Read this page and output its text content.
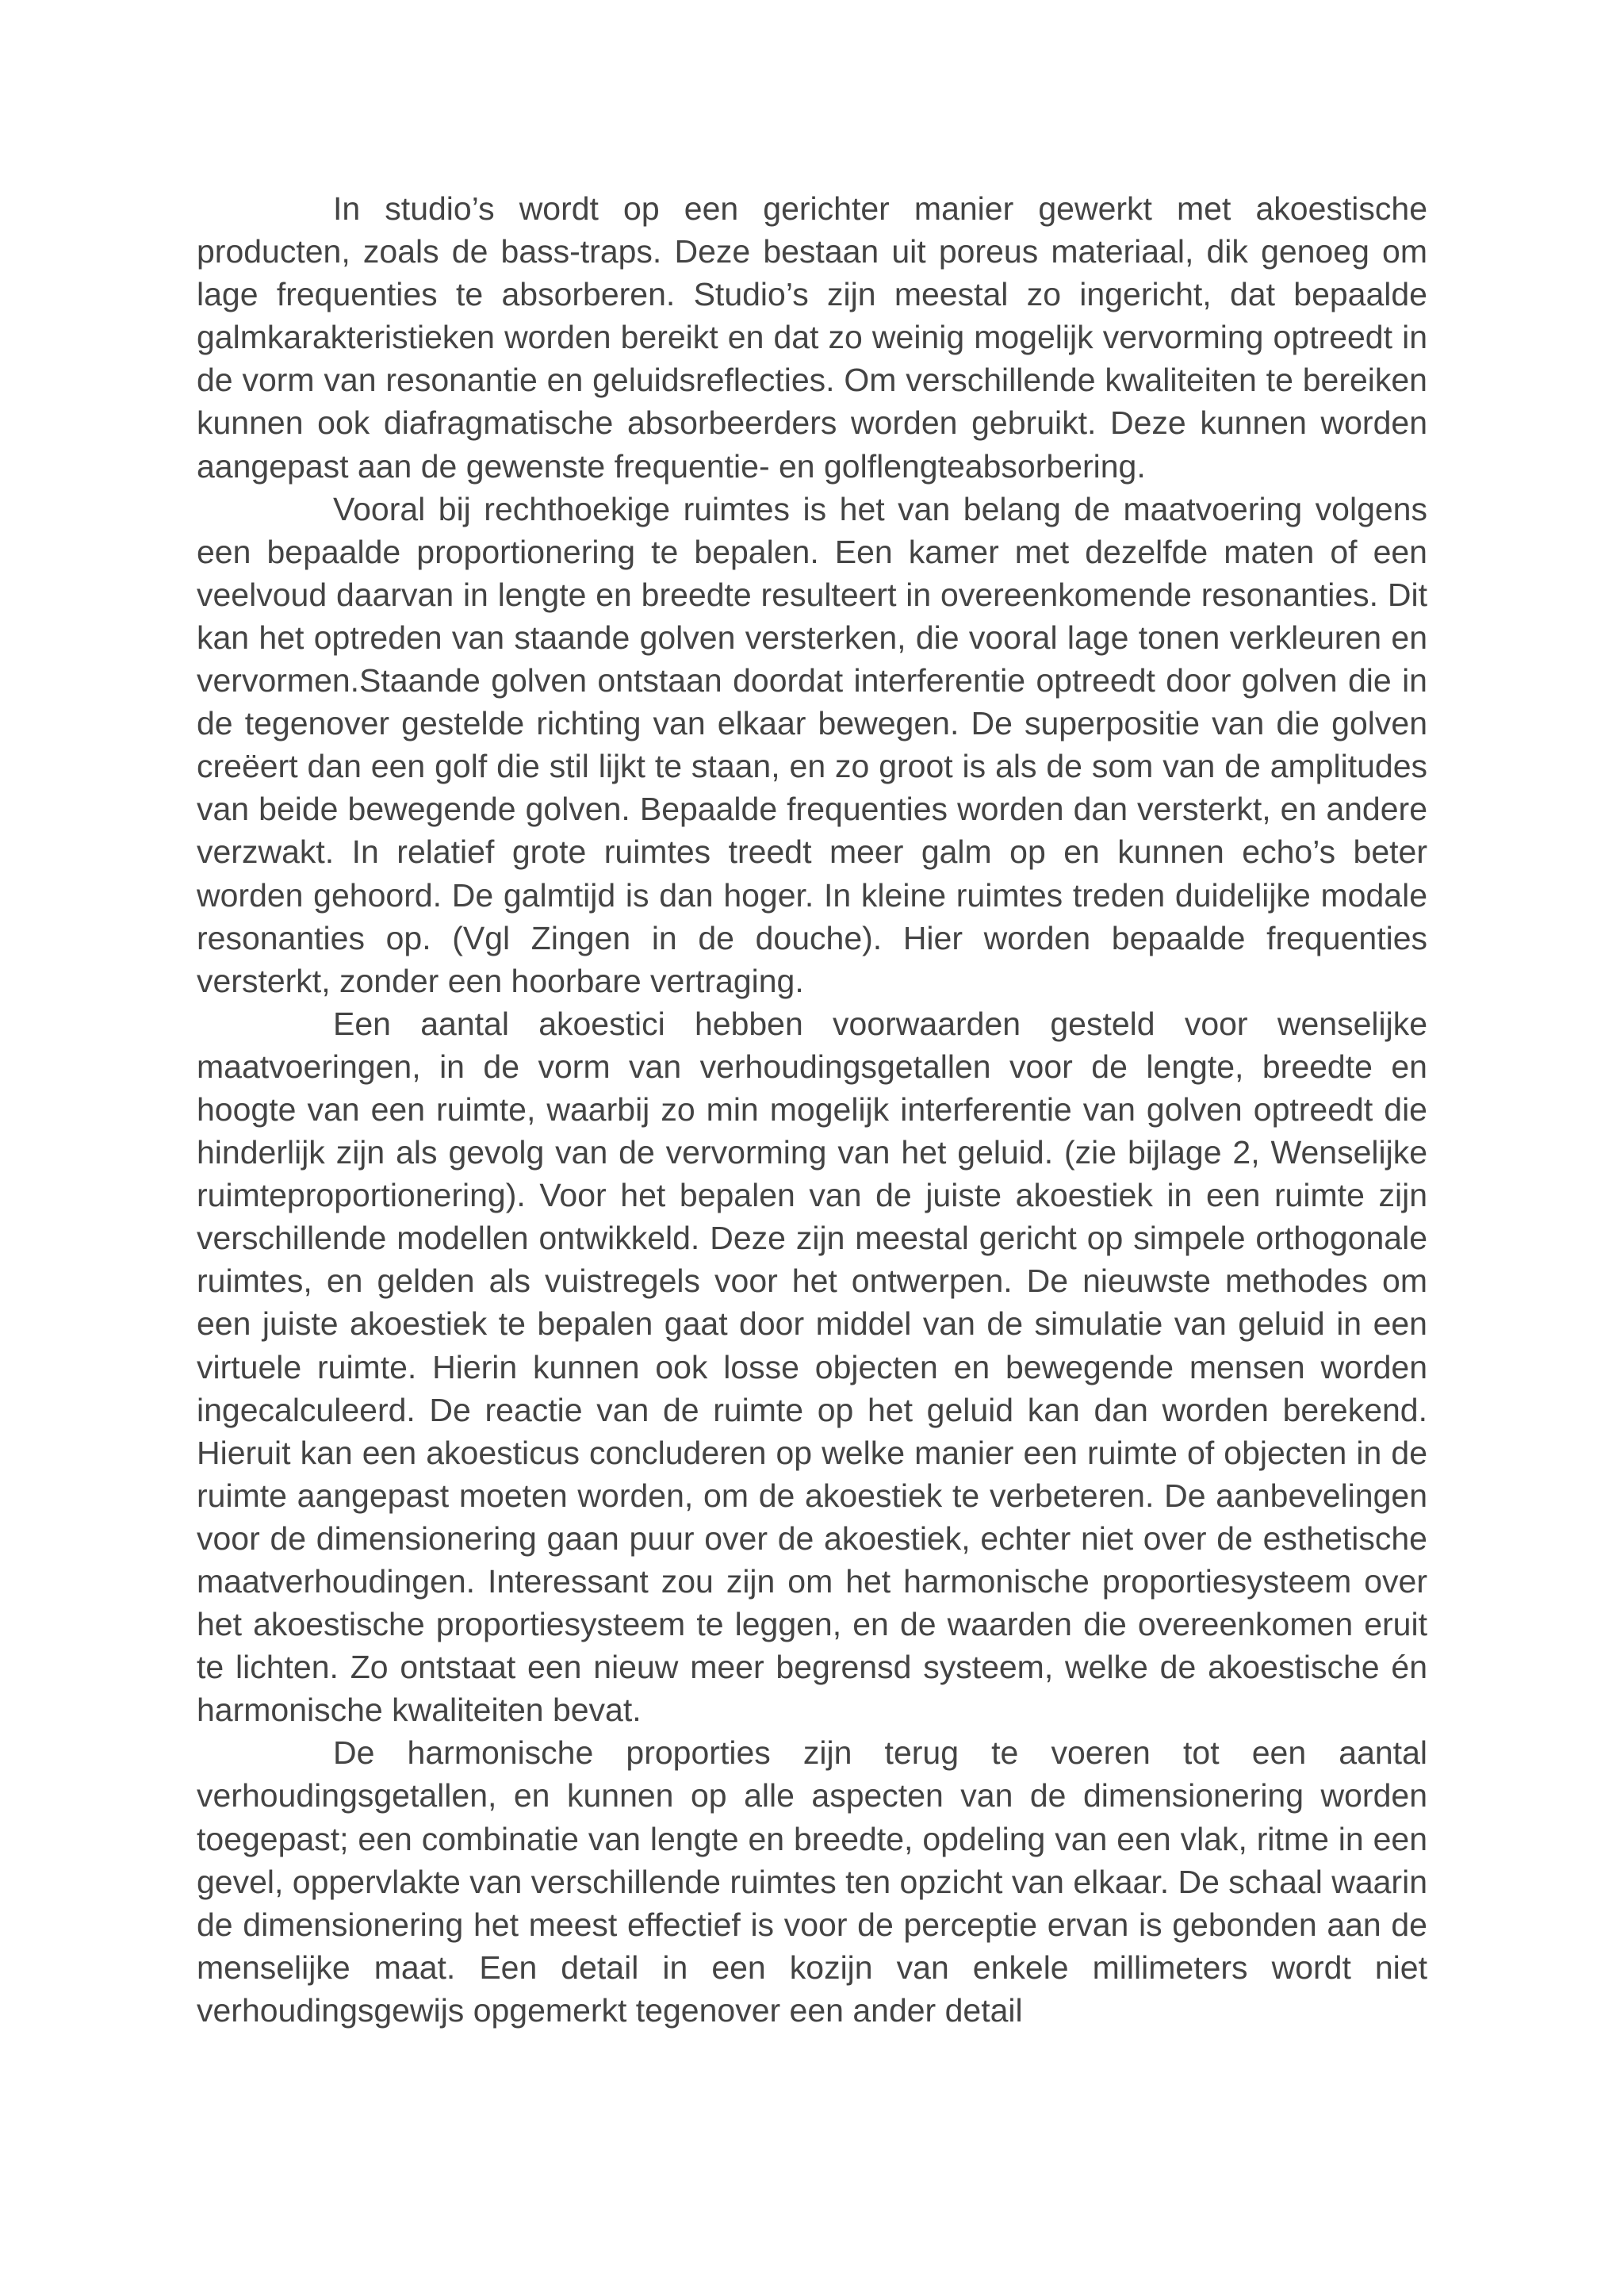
In studio’s wordt op een gerichter manier gewerkt met akoestische producten, zoals de bass-traps. Deze bestaan uit poreus materiaal, dik genoeg om lage frequenties te absorberen. Studio’s zijn meestal zo ingericht, dat bepaalde galmkarakteristieken worden bereikt en dat zo weinig mogelijk vervorming optreedt in de vorm van resonantie en geluidsreflecties. Om verschillende kwaliteiten te bereiken kunnen ook diafragmatische absorbeerders worden gebruikt. Deze kunnen worden aangepast aan de gewenste frequentie- en golflengteabsorbering.

Vooral bij rechthoekige ruimtes is het van belang de maatvoering volgens een bepaalde proportionering te bepalen. Een kamer met dezelfde maten of een veelvoud daarvan in lengte en breedte resulteert in overeenkomende resonanties. Dit kan het optreden van staande golven versterken, die vooral lage tonen verkleuren en vervormen.Staande golven ontstaan doordat interferentie optreedt door golven die in de tegenover gestelde richting van elkaar bewegen. De superpositie van die golven creëert dan een golf die stil lijkt te staan, en zo groot is als de som van de amplitudes van beide bewegende golven. Bepaalde frequenties worden dan versterkt, en andere verzwakt. In relatief grote ruimtes treedt meer galm op en kunnen echo’s beter worden gehoord. De galmtijd is dan hoger. In kleine ruimtes treden duidelijke modale resonanties op. (Vgl Zingen in de douche). Hier worden bepaalde frequenties versterkt, zonder een hoorbare vertraging.

Een aantal akoestici hebben voorwaarden gesteld voor wenselijke maatvoeringen, in de vorm van verhoudingsgetallen voor de lengte, breedte en hoogte van een ruimte, waarbij zo min mogelijk interferentie van golven optreedt die hinderlijk zijn als gevolg van de vervorming van het geluid. (zie bijlage 2, Wenselijke ruimteproportionering). Voor het bepalen van de juiste akoestiek in een ruimte zijn verschillende modellen ontwikkeld. Deze zijn meestal gericht op simpele orthogonale ruimtes, en gelden als vuistregels voor het ontwerpen. De nieuwste methodes om een juiste akoestiek te bepalen gaat door middel van de simulatie van geluid in een virtuele ruimte. Hierin kunnen ook losse objecten en bewegende mensen worden ingecalculeerd. De reactie van de ruimte op het geluid kan dan worden berekend. Hieruit kan een akoesticus concluderen op welke manier een ruimte of objecten in de ruimte aangepast moeten worden, om de akoestiek te verbeteren. De aanbevelingen voor de dimensionering gaan puur over de akoestiek, echter niet over de esthetische maatverhoudingen. Interessant zou zijn om het harmonische proportiesysteem over het akoestische proportiesysteem te leggen, en de waarden die overeenkomen eruit te lichten. Zo ontstaat een nieuw meer begrensd systeem, welke de akoestische én harmonische kwaliteiten bevat.

De harmonische proporties zijn terug te voeren tot een aantal verhoudingsgetallen, en kunnen op alle aspecten van de dimensionering worden toegepast; een combinatie van lengte en breedte, opdeling van een vlak, ritme in een gevel, oppervlakte van verschillende ruimtes ten opzicht van elkaar. De schaal waarin de dimensionering het meest effectief is voor de perceptie ervan is gebonden aan de menselijke maat. Een detail in een kozijn van enkele millimeters wordt niet verhoudingsgewijs opgemerkt tegenover een ander detail
